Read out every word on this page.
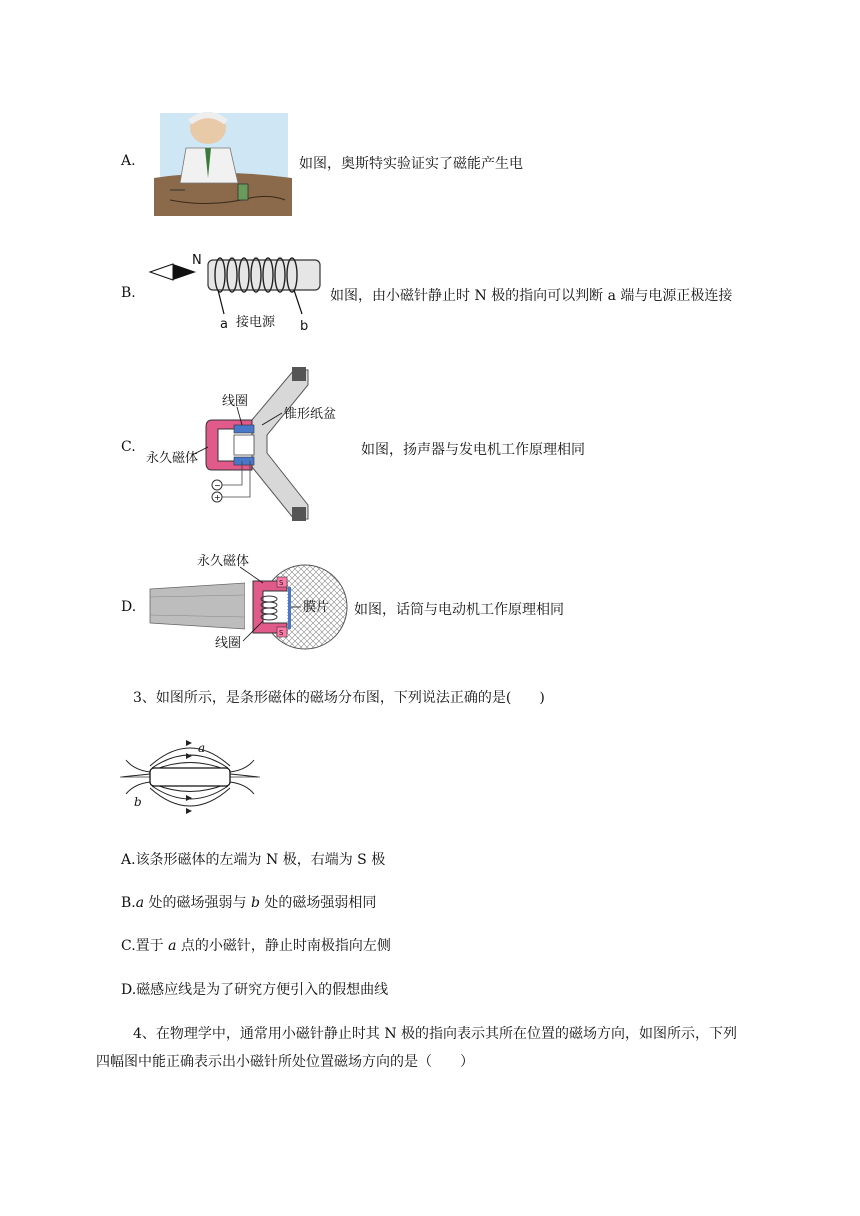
A.	如图，奥斯特实验证实了磁能产生电
B.
N
a 接电源 b
如图，由小磁针静止时 N 极的指向可以判断 a 端与电源正极连接
C.
线圈
锥形纸盆
永久磁体
−
+
如图，扬声器与发电机工作原理相同
D.
S
S
永久磁体
膜片
线圈
如图，话筒与电动机工作原理相同
3、如图所示，是条形磁体的磁场分布图，下列说法正确的是(　　)
a
b
A.该条形磁体的左端为 N 极，右端为 S 极
B.a 处的磁场强弱与 b 处的磁场强弱相同
C.置于 a 点的小磁针，静止时南极指向左侧
D.磁感应线是为了研究方便引入的假想曲线
4、在物理学中，通常用小磁针静止时其 N 极的指向表示其所在位置的磁场方向，如图所示，下列
四幅图中能正确表示出小磁针所处位置磁场方向的是（　　）
